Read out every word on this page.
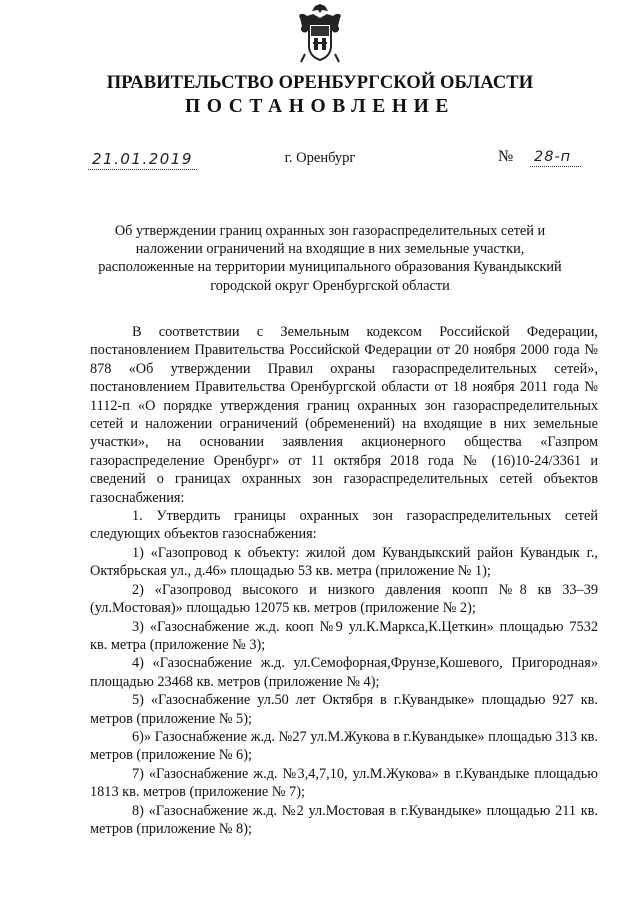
ПРАВИТЕЛЬСТВО ОРЕНБУРГСКОЙ ОБЛАСТИ
ПОСТАНОВЛЕНИЕ
21.01.2019	г. Оренбург	№ 28-п
Об утверждении границ охранных зон газораспределительных сетей и наложении ограничений на входящие в них земельные участки, расположенные на территории муниципального образования Кувандыкский городской округ Оренбургской области

В соответствии с Земельным кодексом Российской Федерации, постановлением Правительства Российской Федерации от 20 ноября 2000 года № 878 «Об утверждении Правил охраны газораспределительных сетей», постановлением Правительства Оренбургской области от 18 ноября 2011 года № 1112-п «О порядке утверждения границ охранных зон газораспределительных сетей и наложении ограничений (обременений) на входящие в них земельные участки», на основании заявления акционерного общества «Газпром газораспределение Оренбург» от 11 октября 2018 года № (16)10-24/3361 и сведений о границах охранных зон газораспределительных сетей объектов газоснабжения:

1. Утвердить границы охранных зон газораспределительных сетей следующих объектов газоснабжения:

1) «Газопровод к объекту: жилой дом Кувандыкский район Кувандык г., Октябрьская ул., д.46» площадью 53 кв. метра (приложение № 1);

2) «Газопровод высокого и низкого давления коопп №8 кв 33–39 (ул.Мостовая)» площадью 12075 кв. метров (приложение № 2);

3) «Газоснабжение ж.д. кооп №9 ул.К.Маркса,К.Цеткин» площадью 7532 кв. метра (приложение № 3);

4) «Газоснабжение ж.д. ул.Семофорная,Фрунзе,Кошевого, Пригородная» площадью 23468 кв. метров (приложение № 4);

5) «Газоснабжение ул.50 лет Октября в г.Кувандыке» площадью 927 кв. метров (приложение № 5);

6)» Газоснабжение ж.д. №27 ул.М.Жукова в г.Кувандыке» площадью 313 кв. метров (приложение № 6);

7) «Газоснабжение ж.д. №3,4,7,10, ул.М.Жукова» в г.Кувандыке площадью 1813 кв. метров (приложение № 7);

8) «Газоснабжение ж.д. №2 ул.Мостовая в г.Кувандыке» площадью 211 кв. метров (приложение № 8);
